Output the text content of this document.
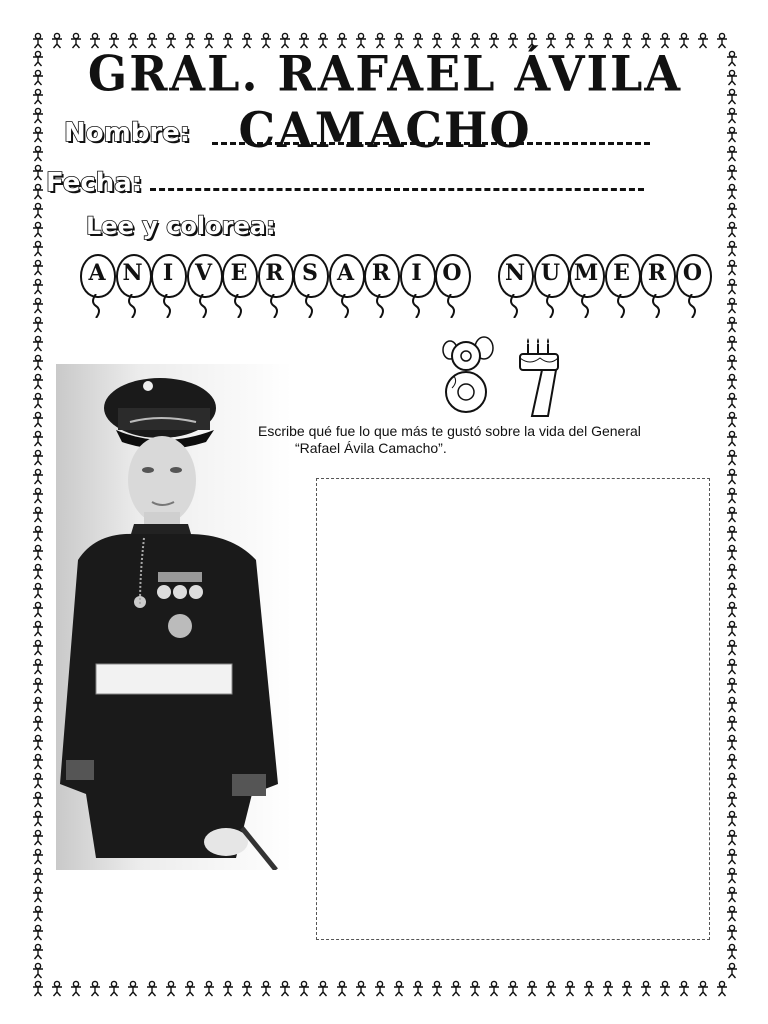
GRAL. RAFAEL ÁVILA CAMACHO
Nombre:
Fecha:
Lee y colorea:
A N I V E R S A R I O	N U M E R O
Escribe qué fue lo que más te gustó sobre la vida del General
“Rafael Ávila Camacho”.
